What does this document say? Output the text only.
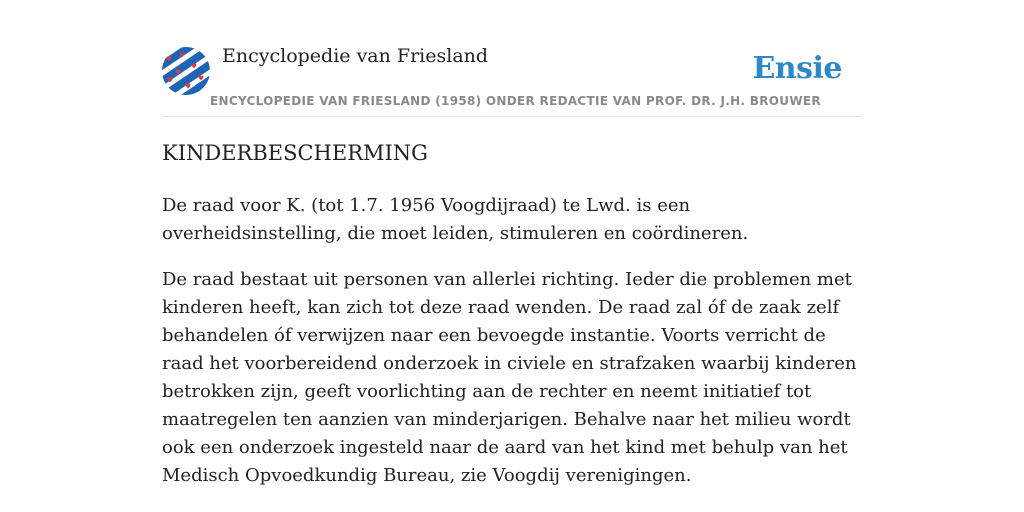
Encyclopedie van Friesland	Ensie
ENCYCLOPEDIE VAN FRIESLAND (1958) ONDER REDACTIE VAN PROF. DR. J.H. BROUWER
KINDERBESCHERMING

De raad voor K. (tot 1.7. 1956 Voogdijraad) te Lwd. is een overheidsinstelling, die moet leiden, stimuleren en coördineren.

De raad bestaat uit personen van allerlei richting. Ieder die problemen met kinderen heeft, kan zich tot deze raad wenden. De raad zal óf de zaak zelf behandelen óf verwijzen naar een bevoegde instantie. Voorts verricht de raad het voorbereidend onderzoek in civiele en strafzaken waarbij kinderen betrokken zijn, geeft voorlichting aan de rechter en neemt initiatief tot maatregelen ten aanzien van minderjarigen. Behalve naar het milieu wordt ook een onderzoek ingesteld naar de aard van het kind met behulp van het Medisch Opvoedkundig Bureau, zie Voogdij verenigingen.
